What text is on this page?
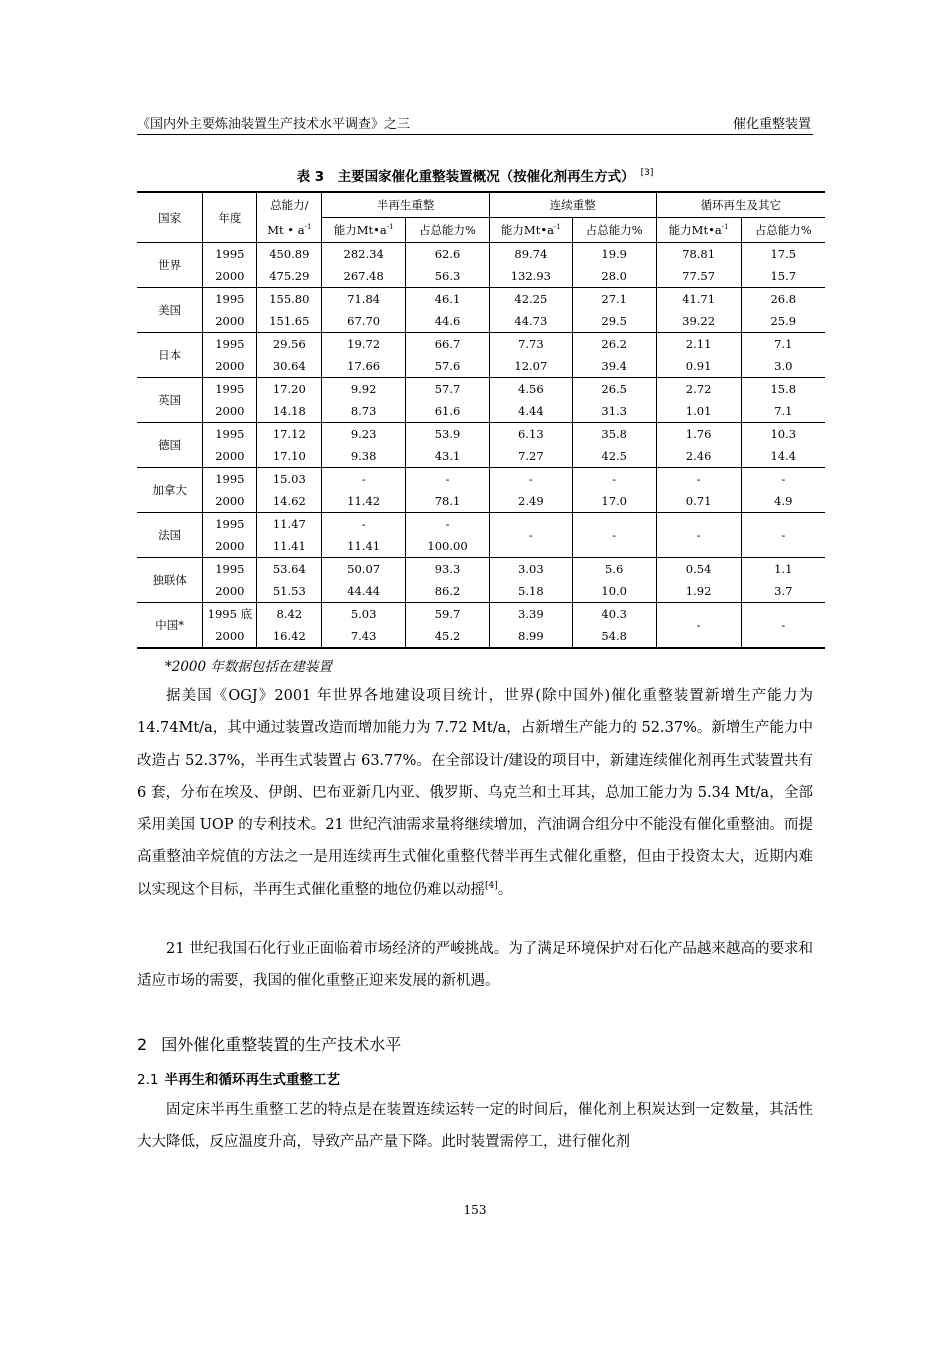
《国内外主要炼油装置生产技术水平调查》之三	催化重整装置
表 3　主要国家催化重整装置概况（按催化剂再生方式） [3]
国家	年度	总能力/	半再生重整		连续重整		循环再生及其它	
		Mt • $a^{-1}$	能力$Mt•a^{-1}$	占总能力%	能力$Mt•a^{-1}$	占总能力%	能力$Mt•a^{-1}$	占总能力%
世界	1995	450.89	282.34	62.6	89.74	19.9	78.81	17.5
	2000	475.29	267.48	56.3	132.93	28.0	77.57	15.7
美国	1995	155.80	71.84	46.1	42.25	27.1	41.71	26.8
	2000	151.65	67.70	44.6	44.73	29.5	39.22	25.9
日本	1995	29.56	19.72	66.7	7.73	26.2	2.11	7.1
	2000	30.64	17.66	57.6	12.07	39.4	0.91	3.0
英国	1995	17.20	9.92	57.7	4.56	26.5	2.72	15.8
	2000	14.18	8.73	61.6	4.44	31.3	1.01	7.1
德国	1995	17.12	9.23	53.9	6.13	35.8	1.76	10.3
	2000	17.10	9.38	43.1	7.27	42.5	2.46	14.4
加拿大	1995	15.03	-	-	-	-	-	-
	2000	14.62	11.42	78.1	2.49	17.0	0.71	4.9
法国	1995	11.47	-	-	-	-	-	-
	2000	11.41	11.41	100.00				
独联体	1995	53.64	50.07	93.3	3.03	5.6	0.54	1.1
	2000	51.53	44.44	86.2	5.18	10.0	1.92	3.7
中国*	1995 底	8.42	5.03	59.7	3.39	40.3	-	-
	2000	16.42	7.43	45.2	8.99	54.8		
*2000 年数据包括在建装置

据美国《OGJ》2001 年世界各地建设项目统计，世界(除中国外)催化重整装置新增生产能力为 14.74Mt/a，其中通过装置改造而增加能力为 7.72 Mt/a，占新增生产能力的 52.37%。新增生产能力中改造占 52.37%，半再生式装置占 63.77%。在全部设计/建设的项目中，新建连续催化剂再生式装置共有 6 套，分布在埃及、伊朗、巴布亚新几内亚、俄罗斯、乌克兰和土耳其，总加工能力为 5.34 Mt/a，全部采用美国 UOP 的专利技术。21 世纪汽油需求量将继续增加，汽油调合组分中不能没有催化重整油。而提高重整油辛烷值的方法之一是用连续再生式催化重整代替半再生式催化重整，但由于投资太大，近期内难以实现这个目标，半再生式催化重整的地位仍难以动摇[4]。

21 世纪我国石化行业正面临着市场经济的严峻挑战。为了满足环境保护对石化产品越来越高的要求和适应市场的需要，我国的催化重整正迎来发展的新机遇。

2 国外催化重整装置的生产技术水平
2.1 半再生和循环再生式重整工艺

固定床半再生重整工艺的特点是在装置连续运转一定的时间后，催化剂上积炭达到一定数量，其活性大大降低，反应温度升高，导致产品产量下降。此时装置需停工，进行催化剂

153
